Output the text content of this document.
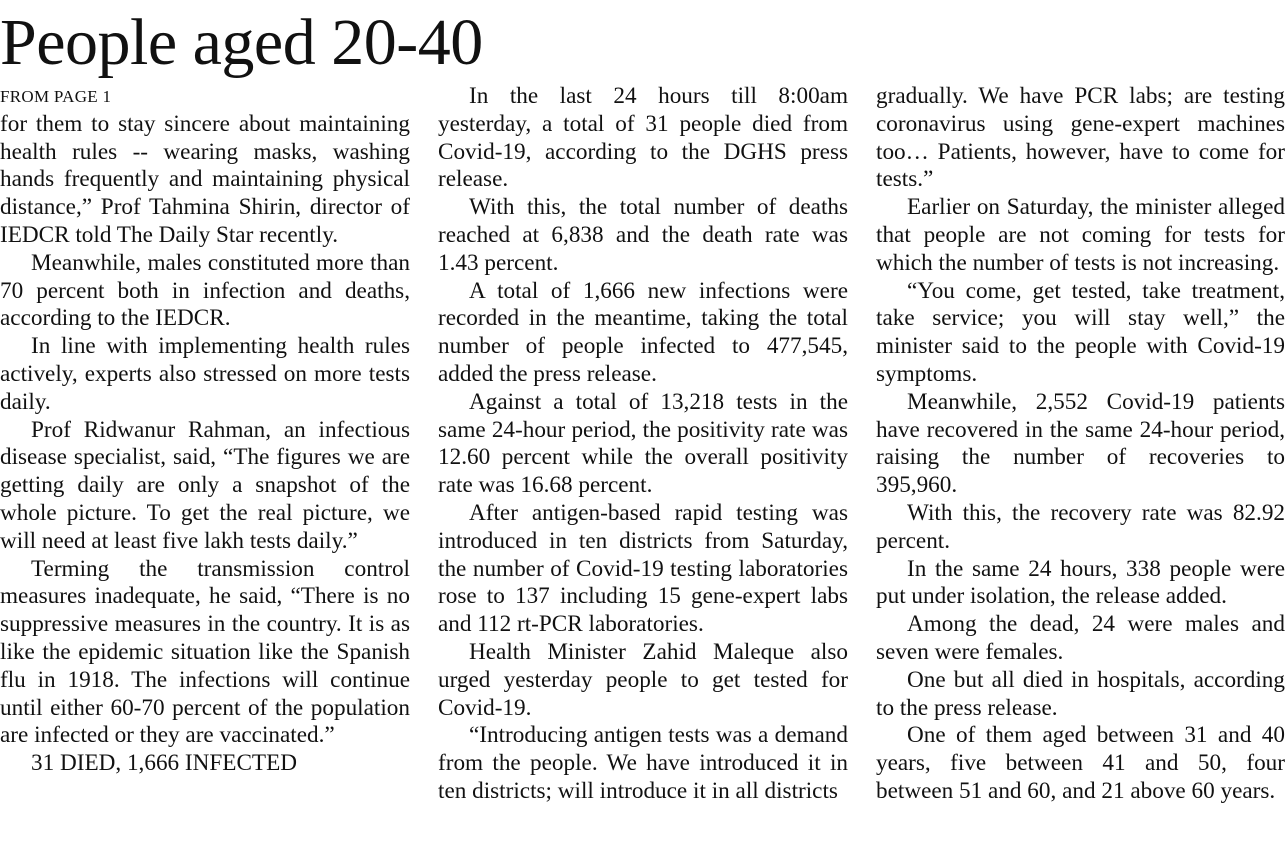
People aged 20-40
FROM PAGE 1

for them to stay sincere about maintaining health rules -- wearing masks, washing hands frequently and maintaining physical distance,” Prof Tahmina Shirin, director of IEDCR told The Daily Star recently.

Meanwhile, males constituted more than 70 percent both in infection and deaths, according to the IEDCR.

In line with implementing health rules actively, experts also stressed on more tests daily.

Prof Ridwanur Rahman, an infectious disease specialist, said, “The figures we are getting daily are only a snapshot of the whole picture. To get the real picture, we will need at least five lakh tests daily.”

Terming the transmission control measures inadequate, he said, “There is no suppressive measures in the country. It is as like the epidemic situation like the Spanish flu in 1918. The infections will continue until either 60-70 percent of the population are infected or they are vaccinated.”

31 DIED, 1,666 INFECTED

In the last 24 hours till 8:00am yesterday, a total of 31 people died from Covid-19, according to the DGHS press release.

With this, the total number of deaths reached at 6,838 and the death rate was 1.43 percent.

A total of 1,666 new infections were recorded in the meantime, taking the total number of people infected to 477,545, added the press release.

Against a total of 13,218 tests in the same 24-hour period, the positivity rate was 12.60 percent while the overall positivity rate was 16.68 percent.

After antigen-based rapid testing was introduced in ten districts from Saturday, the number of Covid-19 testing laboratories rose to 137 including 15 gene-expert labs and 112 rt-PCR laboratories.

Health Minister Zahid Maleque also urged yesterday people to get tested for Covid-19.

“Introducing antigen tests was a demand from the people. We have introduced it in ten districts; will introduce it in all districts

gradually. We have PCR labs; are testing coronavirus using gene-expert machines too… Patients, however, have to come for tests.”

Earlier on Saturday, the minister alleged that people are not coming for tests for which the number of tests is not increasing.

“You come, get tested, take treatment, take service; you will stay well,” the minister said to the people with Covid-19 symptoms.

Meanwhile, 2,552 Covid-19 patients have recovered in the same 24-hour period, raising the number of recoveries to 395,960.

With this, the recovery rate was 82.92 percent.

In the same 24 hours, 338 people were put under isolation, the release added.

Among the dead, 24 were males and seven were females.

One but all died in hospitals, according to the press release.

One of them aged between 31 and 40 years, five between 41 and 50, four between 51 and 60, and 21 above 60 years.
